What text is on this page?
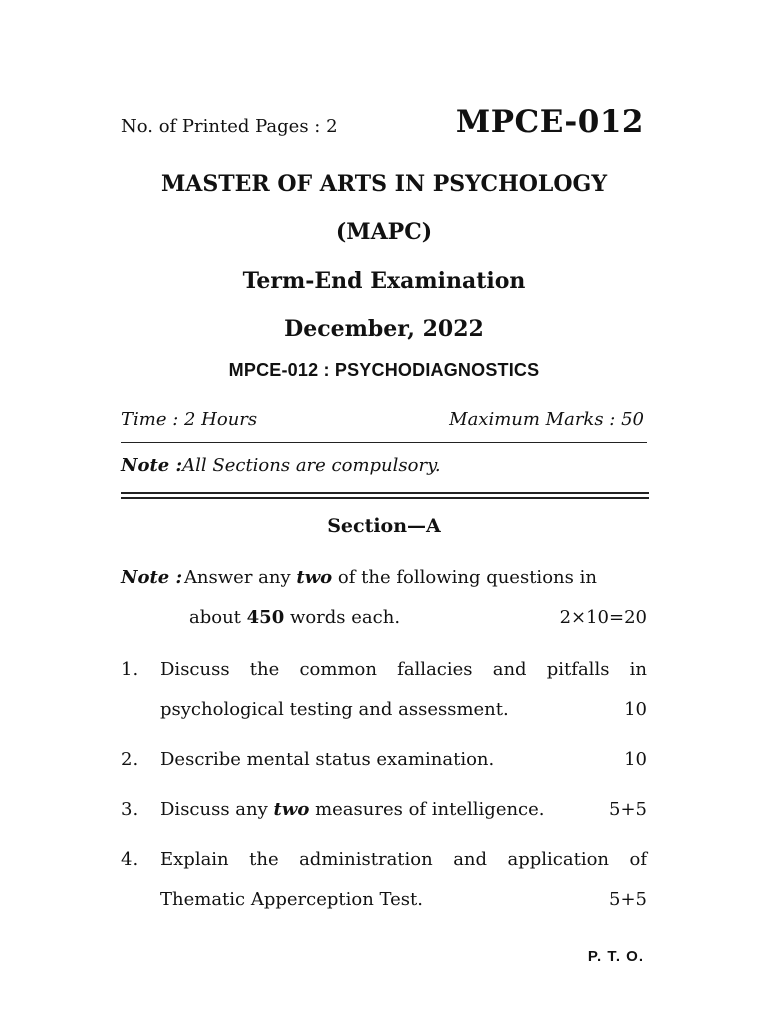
No. of Printed Pages : 2	MPCE-012
MASTER OF ARTS IN PSYCHOLOGY
(MAPC)
Term-End Examination
December, 2022
MPCE-012 : PSYCHODIAGNOSTICS
Time : 2 Hours	Maximum Marks : 50
Note :All Sections are compulsory.
Section—A
Note : Answer any two of the following questions in
about 450 words each.	2×10=20
1.	Discuss the common fallacies and pitfalls in
psychological testing and assessment.	10
2.	Describe mental status examination.	10
3.	Discuss any two measures of intelligence.	5+5
4.	Explain the administration and application of
Thematic Apperception Test.	5+5
P. T. O.
